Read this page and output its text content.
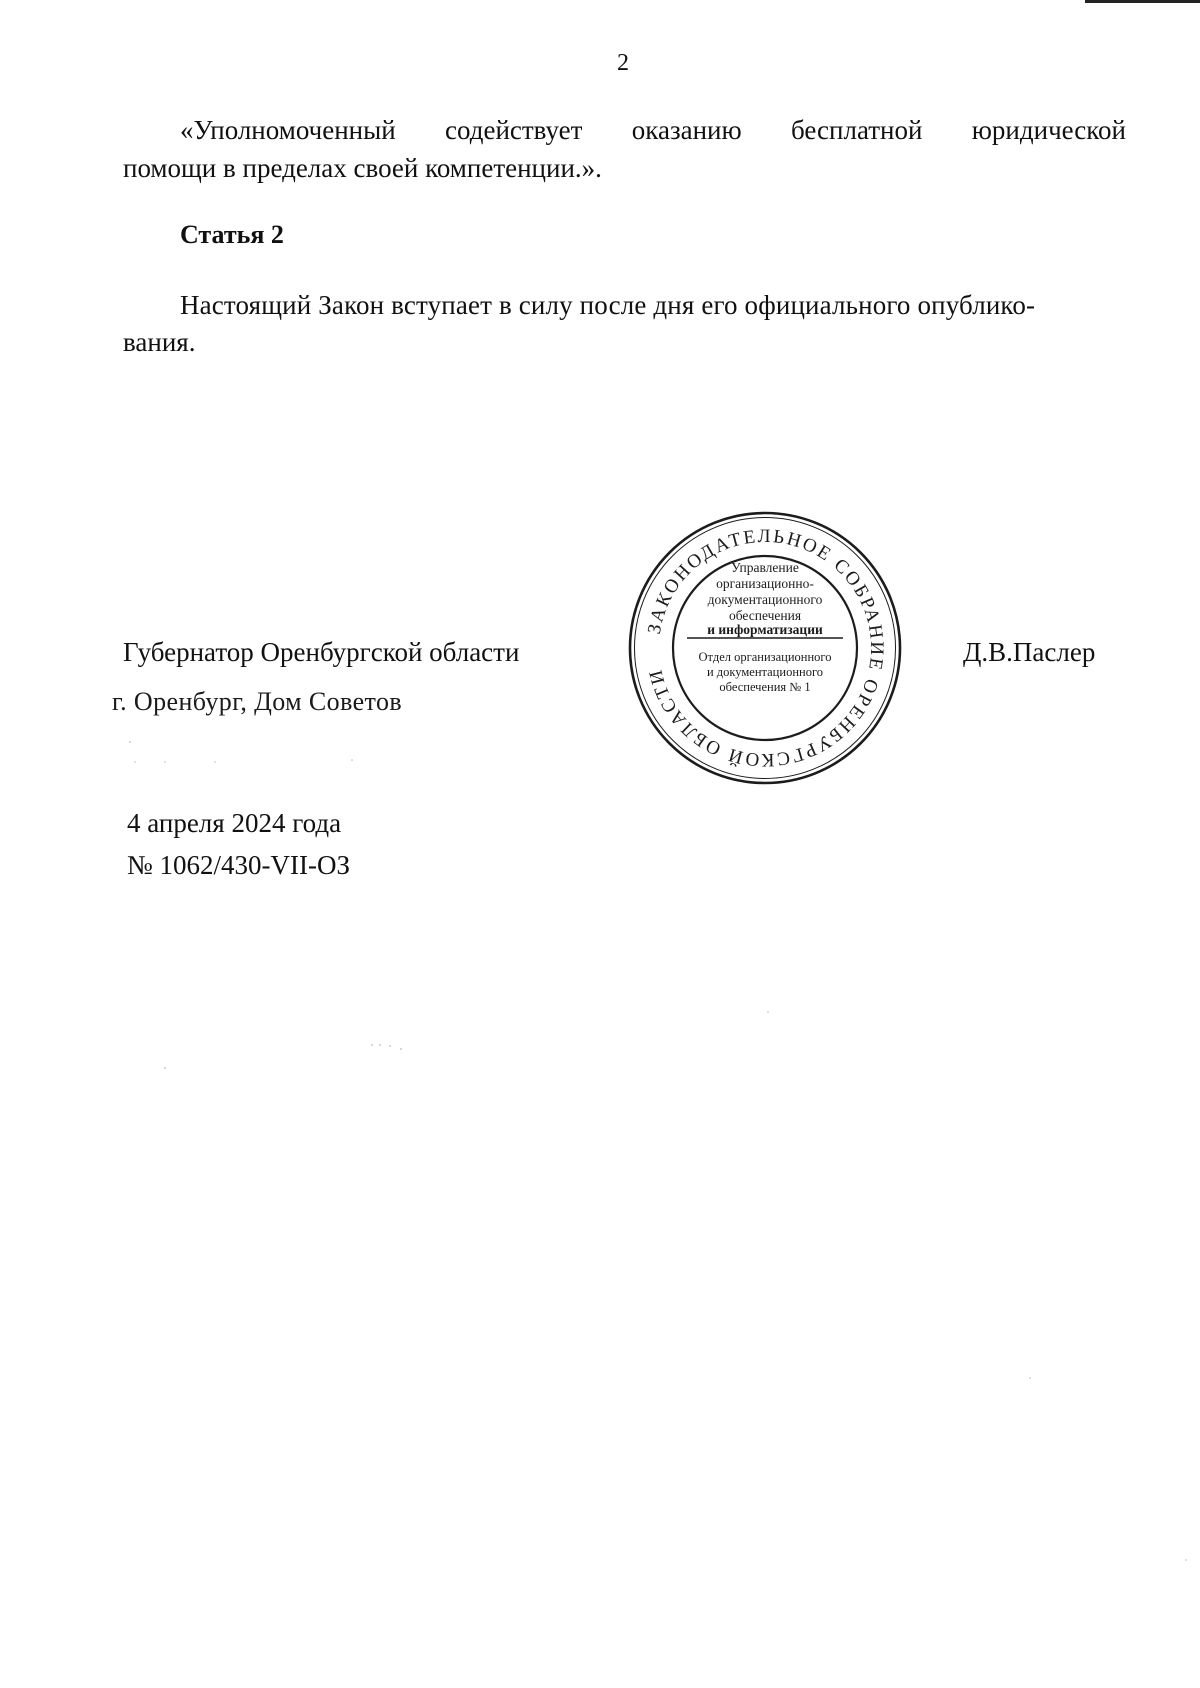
2
«Уполномоченный содействует оказанию бесплатной юридической
помощи в пределах своей компетенции.».
Статья 2
Настоящий Закон вступает в силу после дня его официального опублико-
вания.
Губернатор Оренбургской области	Д.В.Паслер
г. Оренбург, Дом Советов
4 апреля 2024 года
№ 1062/430-VII-ОЗ
ЗАКОНОДАТЕЛЬНОЕ СОБРАНИЕ ОРЕНБУРГСКОЙ ОБЛАСТИ
Управление
организационно-
документационного
обеспечения
и информатизации
Отдел организационного
и документационного
обеспечения № 1
